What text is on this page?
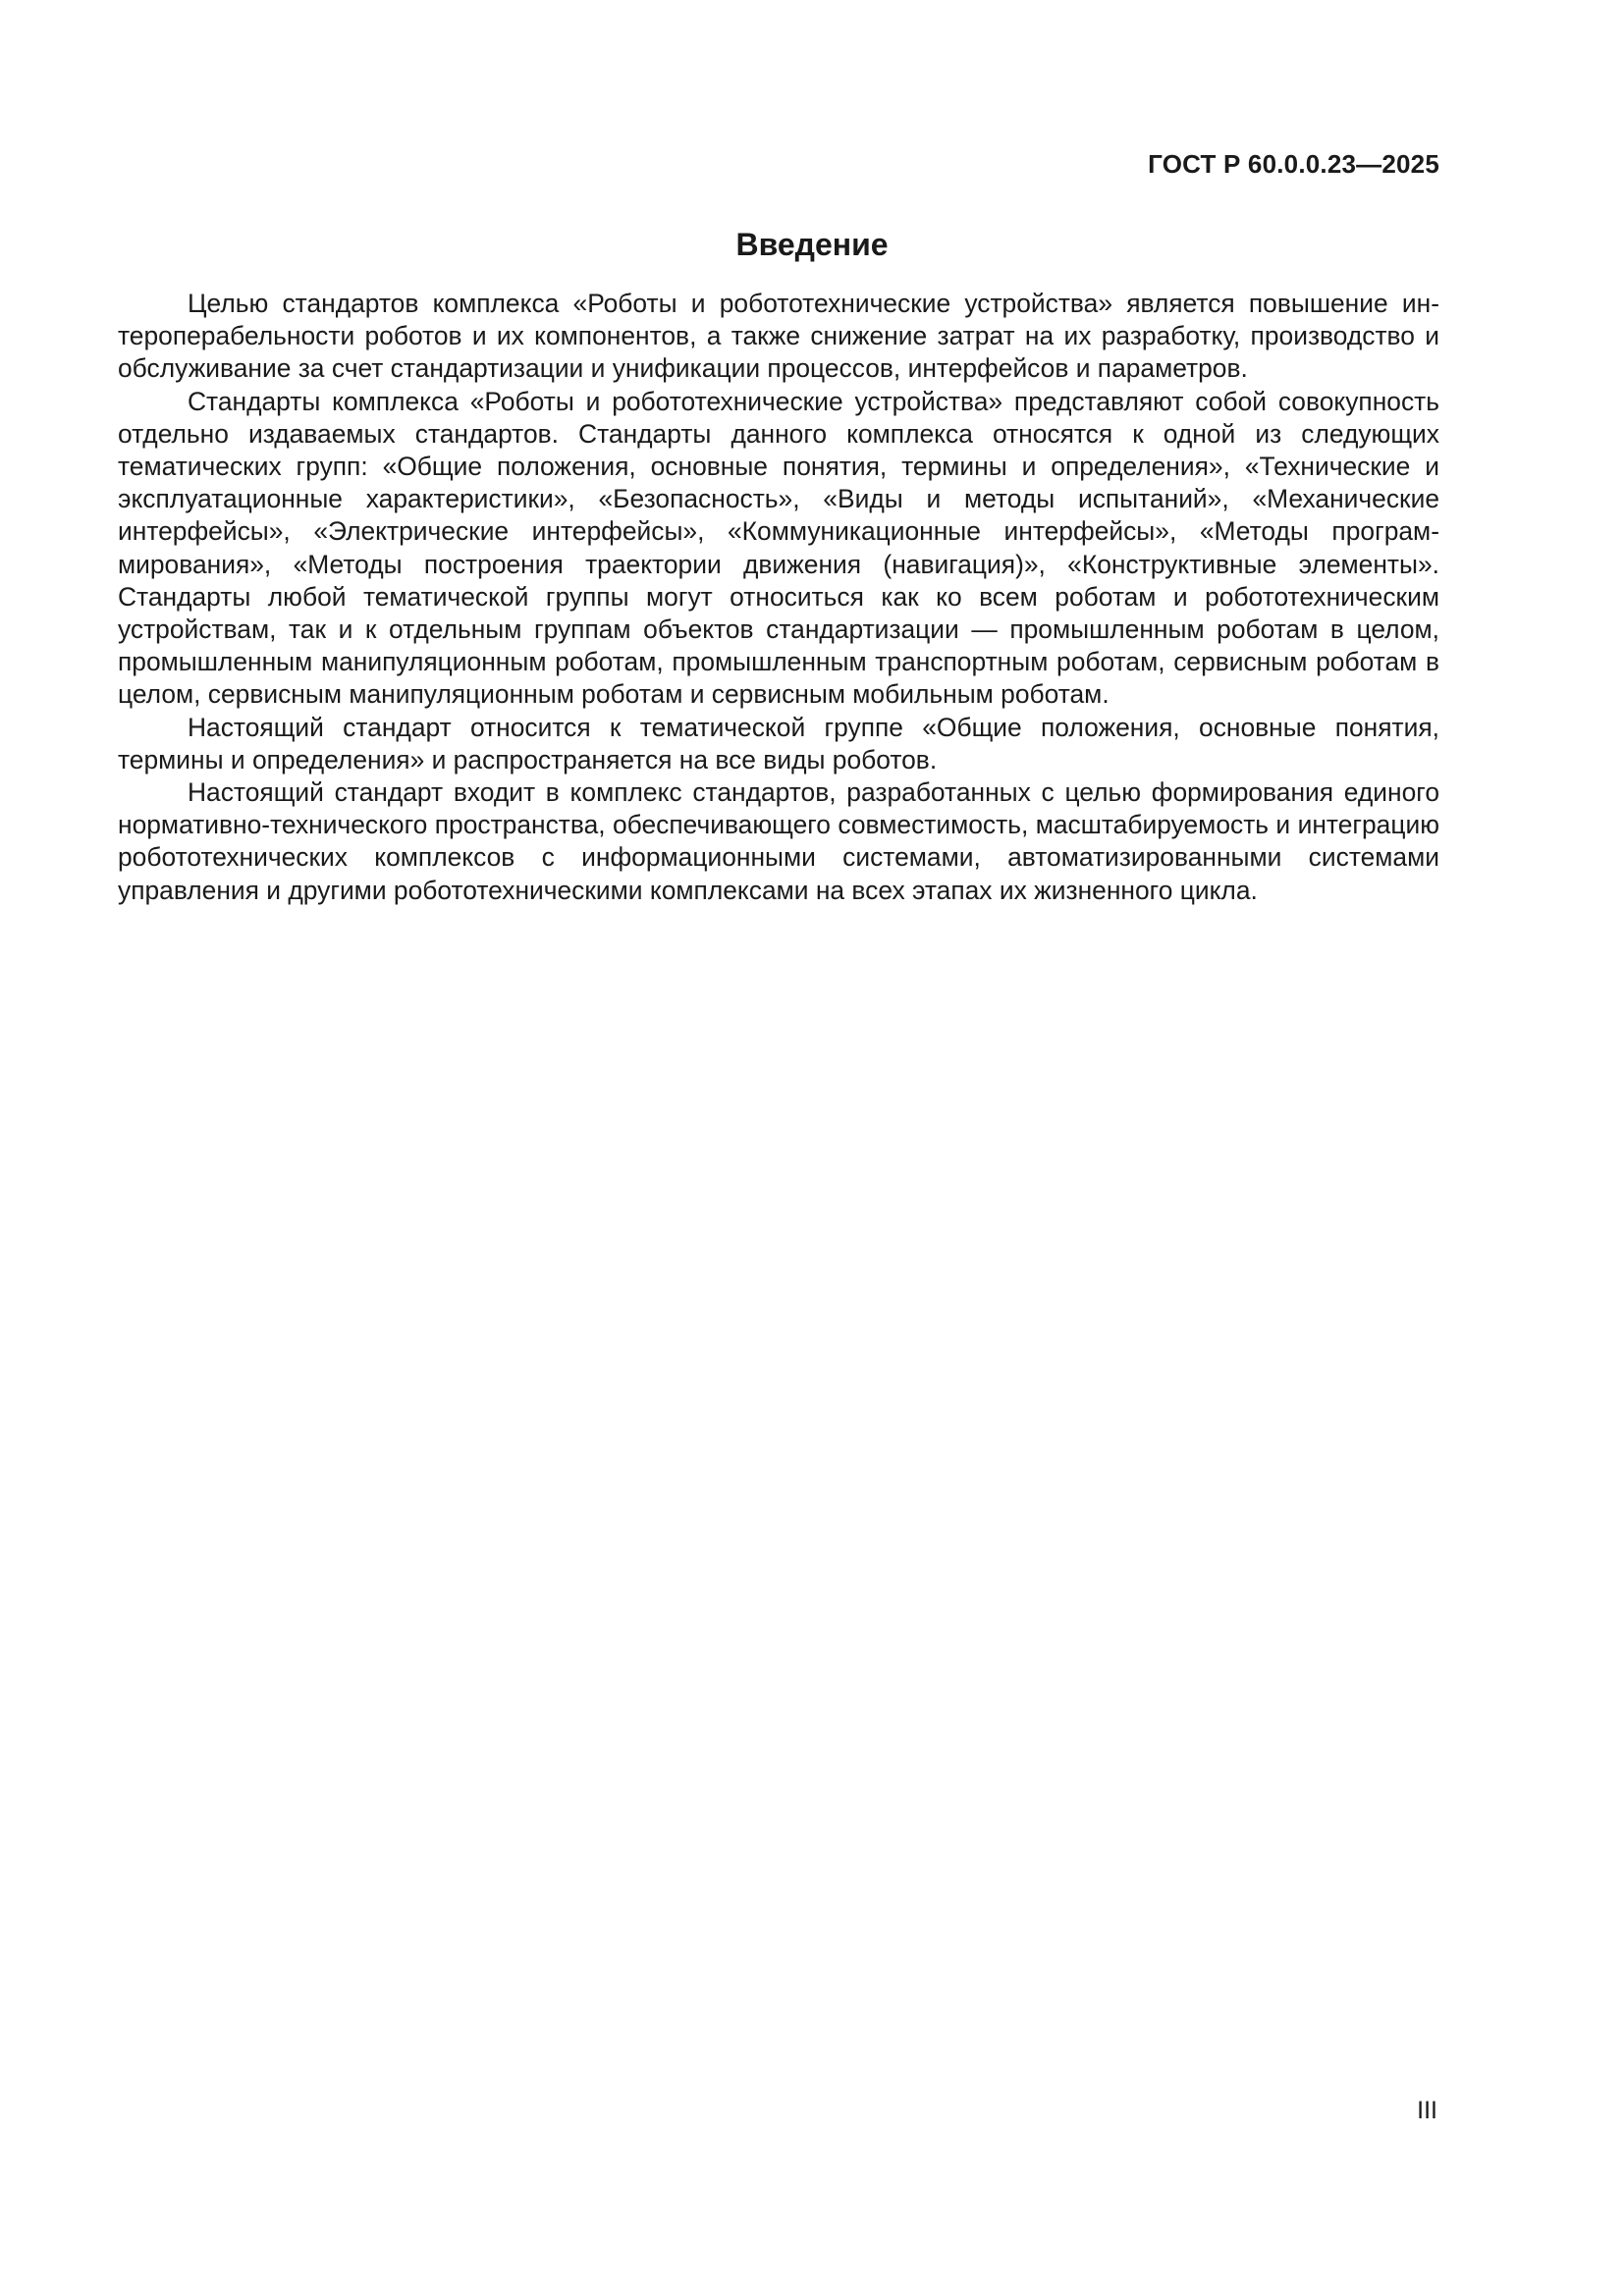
ГОСТ Р 60.0.0.23—2025
Введение

Целью стандартов комплекса «Роботы и робототехнические устройства» является повышение интероперабельности роботов и их компонентов, а также снижение затрат на их разработку, производство и обслуживание за счет стандартизации и унификации процессов, интерфейсов и параметров.

Стандарты комплекса «Роботы и робототехнические устройства» представляют собой совокупность отдельно издаваемых стандартов. Стандарты данного комплекса относятся к одной из следующих тематических групп: «Общие положения, основные понятия, термины и определения», «Технические и эксплуатационные характеристики», «Безопасность», «Виды и методы испытаний», «Механические интерфейсы», «Электрические интерфейсы», «Коммуникационные интерфейсы», «Методы программирования», «Методы построения траектории движения (навигация)», «Конструктивные элементы». Стандарты любой тематической группы могут относиться как ко всем роботам и робототехническим устройствам, так и к отдельным группам объектов стандартизации — промышленным роботам в целом, промышленным манипуляционным роботам, промышленным транспортным роботам, сервисным роботам в целом, сервисным манипуляционным роботам и сервисным мобильным роботам.

Настоящий стандарт относится к тематической группе «Общие положения, основные понятия, термины и определения» и распространяется на все виды роботов.

Настоящий стандарт входит в комплекс стандартов, разработанных с целью формирования единого нормативно-технического пространства, обеспечивающего совместимость, масштабируемость и интеграцию робототехнических комплексов с информационными системами, автоматизированными системами управления и другими робототехническими комплексами на всех этапах их жизненного цикла.

III
